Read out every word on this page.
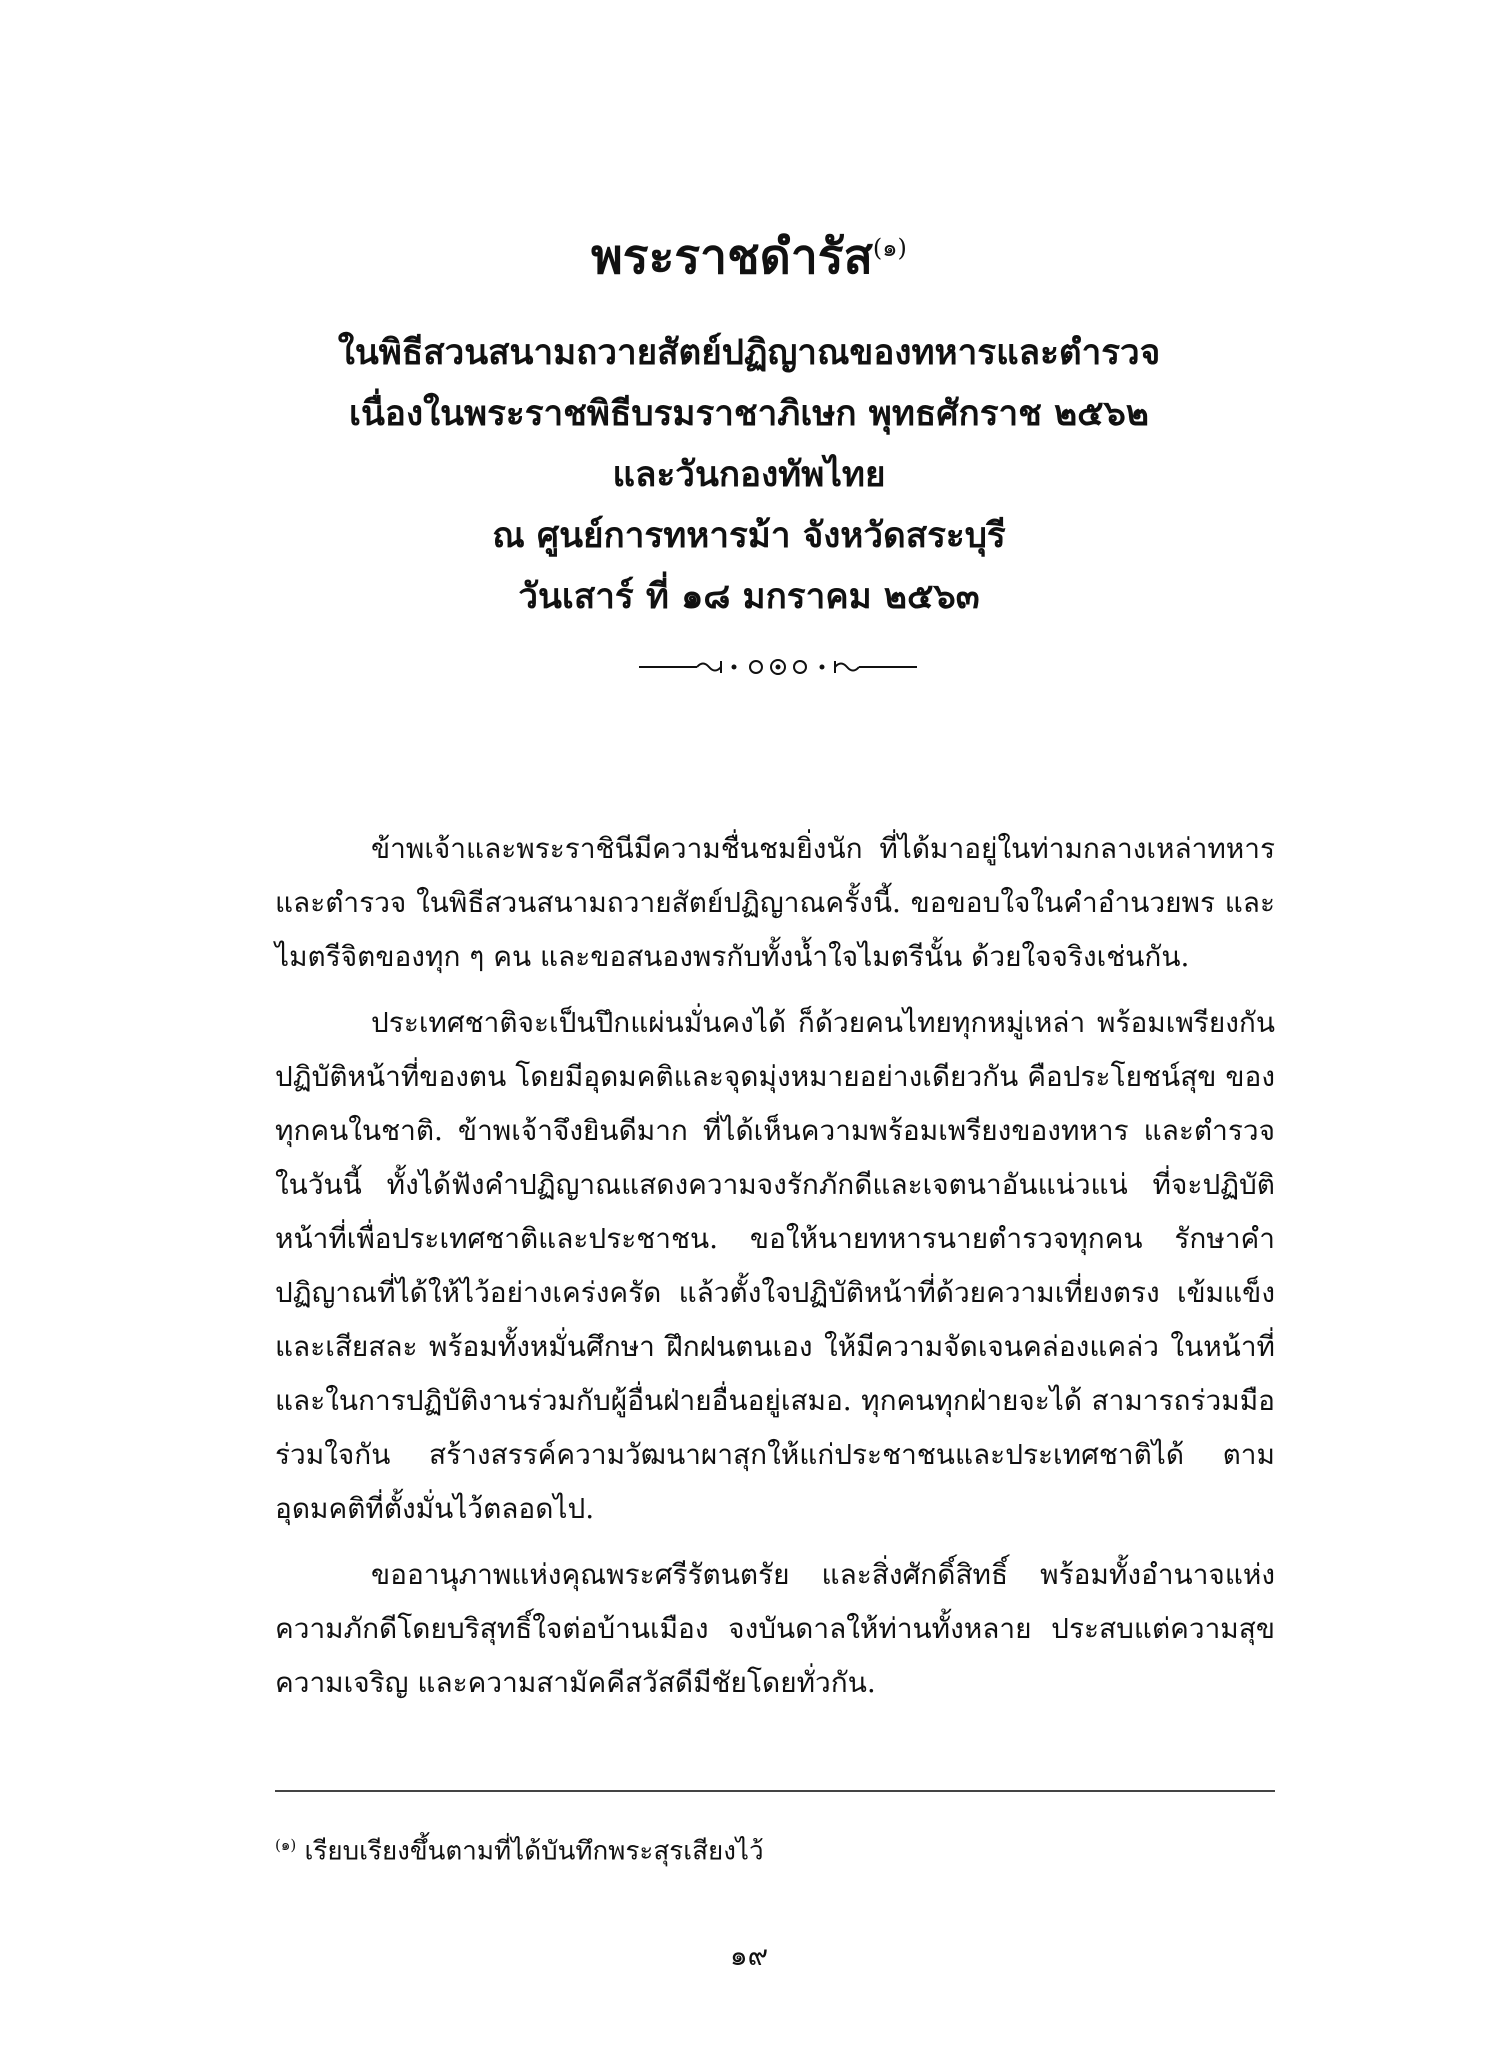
พระราชดำรัส$^{(๑)}$
ในพิธีสวนสนามถวายสัตย์ปฏิญาณของทหารและตำรวจ
เนื่องในพระราชพิธีบรมราชาภิเษก พุทธศักราช ๒๕๖๒
และวันกองทัพไทย
ณ ศูนย์การทหารม้า จังหวัดสระบุรี
วันเสาร์ ที่ ๑๘ มกราคม ๒๕๖๓

ข้าพเจ้าและพระราชินีมีความชื่นชมยิ่งนัก ที่ได้มาอยู่ในท่ามกลางเหล่าทหาร และตำรวจ ในพิธีสวนสนามถวายสัตย์ปฏิญาณครั้งนี้. ขอขอบใจในคำอำนวยพร และไมตรีจิตของทุก ๆ คน และขอสนองพรกับทั้งน้ำใจไมตรีนั้น ด้วยใจจริงเช่นกัน.

ประเทศชาติจะเป็นปึกแผ่นมั่นคงได้ ก็ด้วยคนไทยทุกหมู่เหล่า พร้อมเพรียงกัน ปฏิบัติหน้าที่ของตน โดยมีอุดมคติและจุดมุ่งหมายอย่างเดียวกัน คือประโยชน์สุข ของทุกคนในชาติ. ข้าพเจ้าจึงยินดีมาก ที่ได้เห็นความพร้อมเพรียงของทหาร และตำรวจในวันนี้ ทั้งได้ฟังคำปฏิญาณแสดงความจงรักภักดีและเจตนาอันแน่วแน่ ที่จะปฏิบัติหน้าที่เพื่อประเทศชาติและประชาชน. ขอให้นายทหารนายตำรวจทุกคน รักษาคำปฏิญาณที่ได้ให้ไว้อย่างเคร่งครัด แล้วตั้งใจปฏิบัติหน้าที่ด้วยความเที่ยงตรง เข้มแข็ง และเสียสละ พร้อมทั้งหมั่นศึกษา ฝึกฝนตนเอง ให้มีความจัดเจนคล่องแคล่ว ในหน้าที่ และในการปฏิบัติงานร่วมกับผู้อื่นฝ่ายอื่นอยู่เสมอ. ทุกคนทุกฝ่ายจะได้ สามารถร่วมมือร่วมใจกัน สร้างสรรค์ความวัฒนาผาสุกให้แก่ประชาชนและประเทศชาติได้ ตามอุดมคติที่ตั้งมั่นไว้ตลอดไป.

ขออานุภาพแห่งคุณพระศรีรัตนตรัย และสิ่งศักดิ์สิทธิ์ พร้อมทั้งอำนาจแห่ง ความภักดีโดยบริสุทธิ์ใจต่อบ้านเมือง จงบันดาลให้ท่านทั้งหลาย ประสบแต่ความสุข ความเจริญ และความสามัคคีสวัสดีมีชัยโดยทั่วกัน.

$^{(๑)}$ เรียบเรียงขึ้นตามที่ได้บันทึกพระสุรเสียงไว้
๑๙
